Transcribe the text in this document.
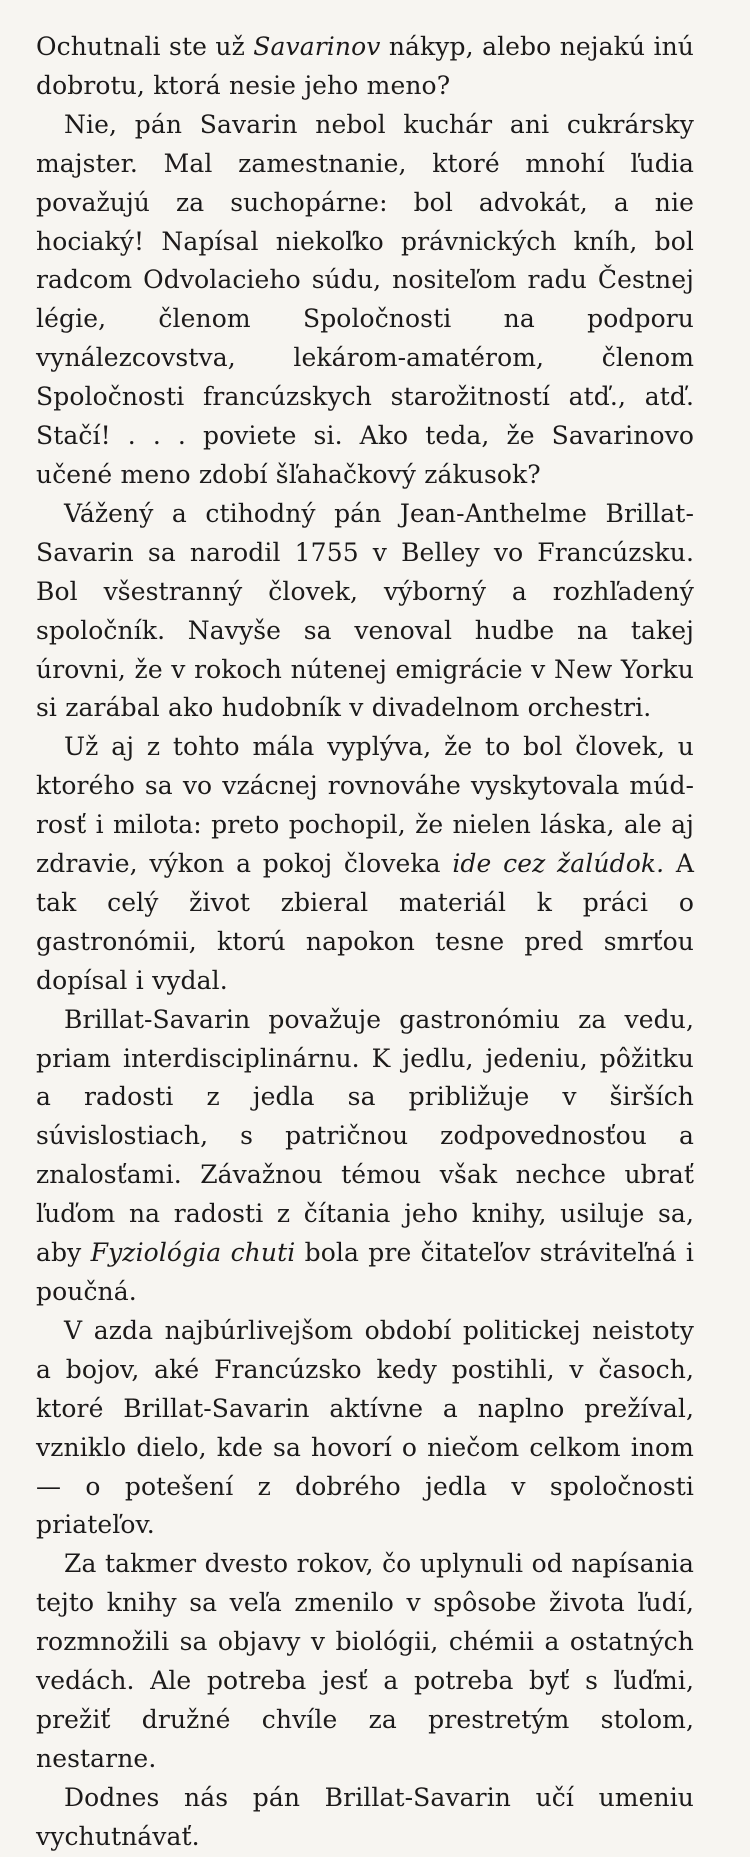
Ochutnali ste už Savarinov nákyp, alebo nejakú inú dobrotu, ktorá nesie jeho meno?

Nie, pán Savarin nebol kuchár ani cukrársky majster. Mal zamestnanie, ktoré mnohí ľudia považujú za suchopárne: bol advokát, a nie hociaký! Napísal niekoľko právnických kníh, bol radcom Odvolacieho súdu, nositeľom radu Čestnej légie, členom Spoločnosti na podporu vynálezcovstva, lekárom-amatérom, členom Spoločnosti francúzskych starožitností atď., atď. Stačí! . . . poviete si. Ako teda, že Savarinovo učené meno zdobí šľahačkový zákusok?

Vážený a ctihodný pán Jean-Anthelme Brillat-Savarin sa narodil 1755 v Belley vo Francúzsku. Bol všestranný človek, výborný a rozhľadený spoločník. Navyše sa venoval hudbe na takej úrovni, že v rokoch nútenej emigrácie v New Yorku si zarábal ako hudobník v divadelnom orchestri.

Už aj z tohto mála vyplýva, že to bol človek, u ktorého sa vo vzácnej rovnováhe vyskytovala múdrosť i milota: preto pochopil, že nielen láska, ale aj zdravie, výkon a pokoj človeka ide cez žalúdok. A tak celý život zbieral materiál k práci o gastronómii, ktorú napokon tesne pred smrťou dopísal i vydal.

Brillat-Savarin považuje gastronómiu za vedu, priam interdisciplinárnu. K jedlu, jedeniu, pôžitku a radosti z jedla sa približuje v širších súvislostiach, s patričnou zodpovednosťou a znalosťami. Závažnou témou však nechce ubrať ľuďom na radosti z čítania jeho knihy, usiluje sa, aby Fyziológia chuti bola pre čitateľov stráviteľná i poučná.

V azda najbúrlivejšom období politickej neistoty a bojov, aké Francúzsko kedy postihli, v časoch, ktoré Brillat-Savarin aktívne a naplno prežíval, vzniklo dielo, kde sa hovorí o niečom celkom inom — o potešení z dobrého jedla v spoločnosti priateľov.

Za takmer dvesto rokov, čo uplynuli od napísania tejto knihy sa veľa zmenilo v spôsobe života ľudí, rozmnožili sa objavy v biológii, chémii a ostatných vedách. Ale potreba jesť a potreba byť s ľuďmi, prežiť družné chvíle za prestretým stolom, nestarne.

Dodnes nás pán Brillat-Savarin učí umeniu vychutnávať.
